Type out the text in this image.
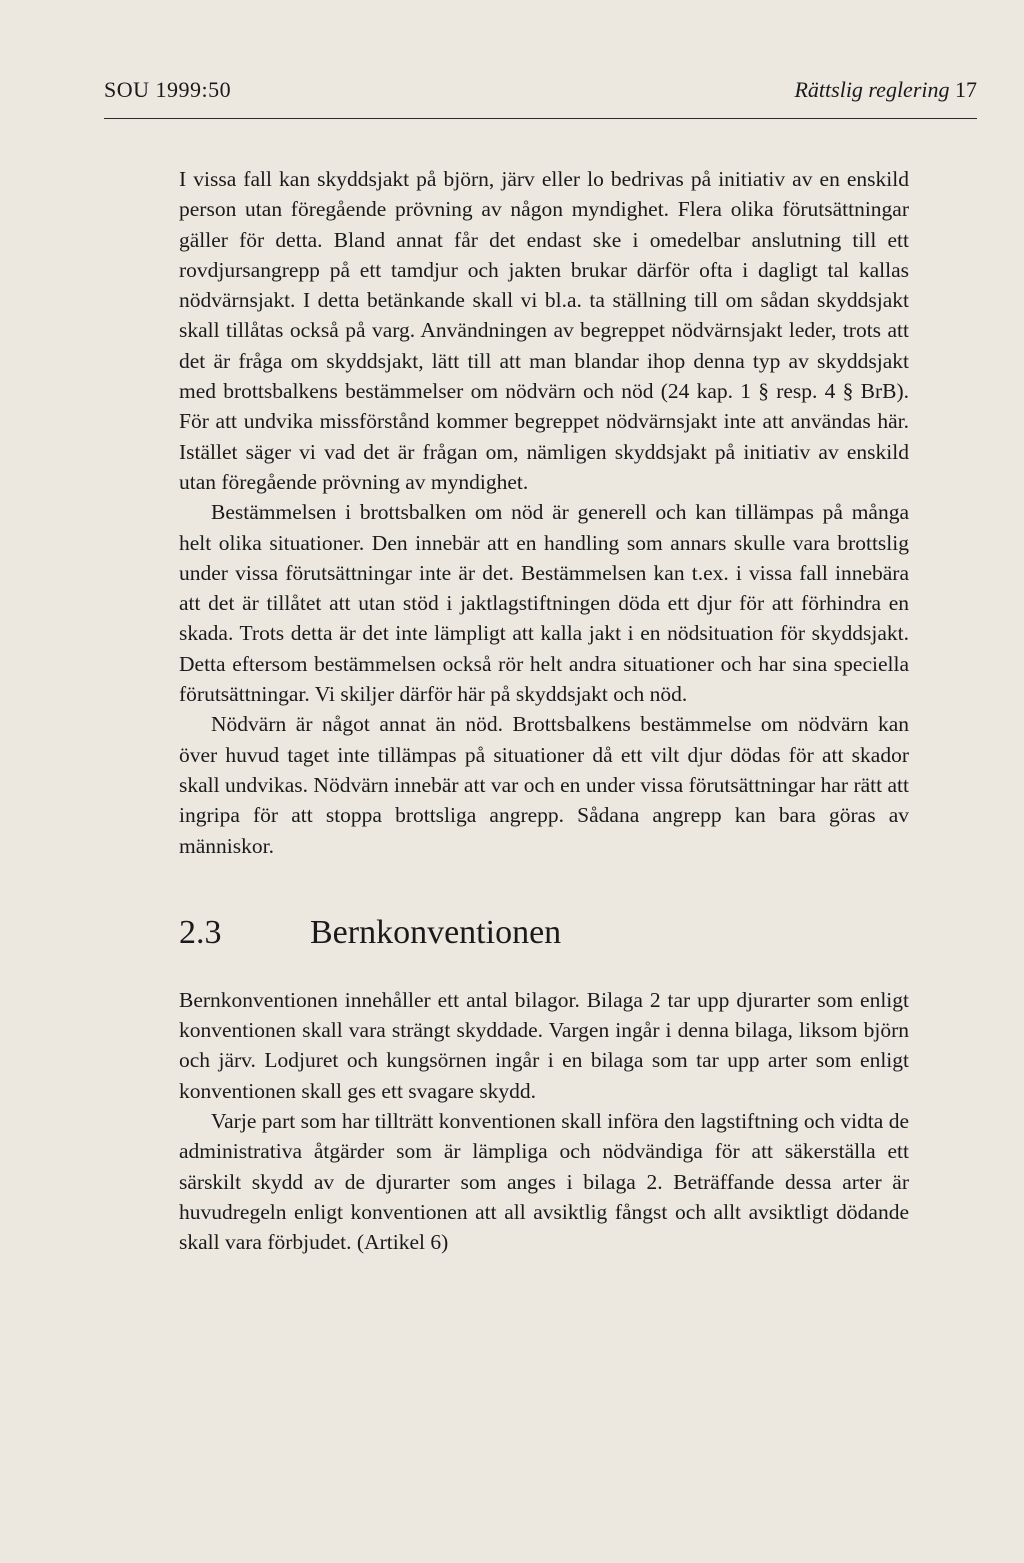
SOU 1999:50	Rättslig reglering 17

I vissa fall kan skyddsjakt på björn, järv eller lo bedrivas på initiativ av en enskild person utan föregående prövning av någon myndighet. Flera olika förutsättningar gäller för detta. Bland annat får det endast ske i omedelbar anslutning till ett rovdjursangrepp på ett tamdjur och jakten brukar därför ofta i dagligt tal kallas nödvärnsjakt. I detta betänkande skall vi bl.a. ta ställning till om sådan skyddsjakt skall tillåtas också på varg. Användningen av begreppet nödvärnsjakt leder, trots att det är fråga om skyddsjakt, lätt till att man blandar ihop denna typ av skyddsjakt med brottsbalkens bestämmelser om nödvärn och nöd (24 kap. 1 § resp. 4 § BrB). För att undvika missförstånd kommer begreppet nödvärnsjakt inte att användas här. Istället säger vi vad det är frågan om, nämligen skyddsjakt på initiativ av enskild utan föregående prövning av myndighet.

Bestämmelsen i brottsbalken om nöd är generell och kan tillämpas på många helt olika situationer. Den innebär att en handling som annars skulle vara brottslig under vissa förutsättningar inte är det. Bestämmelsen kan t.ex. i vissa fall innebära att det är tillåtet att utan stöd i jaktlagstiftningen döda ett djur för att förhindra en skada. Trots detta är det inte lämpligt att kalla jakt i en nödsituation för skyddsjakt. Detta eftersom bestämmelsen också rör helt andra situationer och har sina speciella förutsättningar. Vi skiljer därför här på skyddsjakt och nöd.

Nödvärn är något annat än nöd. Brottsbalkens bestämmelse om nödvärn kan över huvud taget inte tillämpas på situationer då ett vilt djur dödas för att skador skall undvikas. Nödvärn innebär att var och en under vissa förutsättningar har rätt att ingripa för att stoppa brottsliga angrepp. Sådana angrepp kan bara göras av människor.

2.3	Bernkonventionen

Bernkonventionen innehåller ett antal bilagor. Bilaga 2 tar upp djurarter som enligt konventionen skall vara strängt skyddade. Vargen ingår i denna bilaga, liksom björn och järv. Lodjuret och kungsörnen ingår i en bilaga som tar upp arter som enligt konventionen skall ges ett svagare skydd.

Varje part som har tillträtt konventionen skall införa den lagstiftning och vidta de administrativa åtgärder som är lämpliga och nödvändiga för att säkerställa ett särskilt skydd av de djurarter som anges i bilaga 2. Beträffande dessa arter är huvudregeln enligt konventionen att all avsiktlig fångst och allt avsiktligt dödande skall vara förbjudet. (Artikel 6)
